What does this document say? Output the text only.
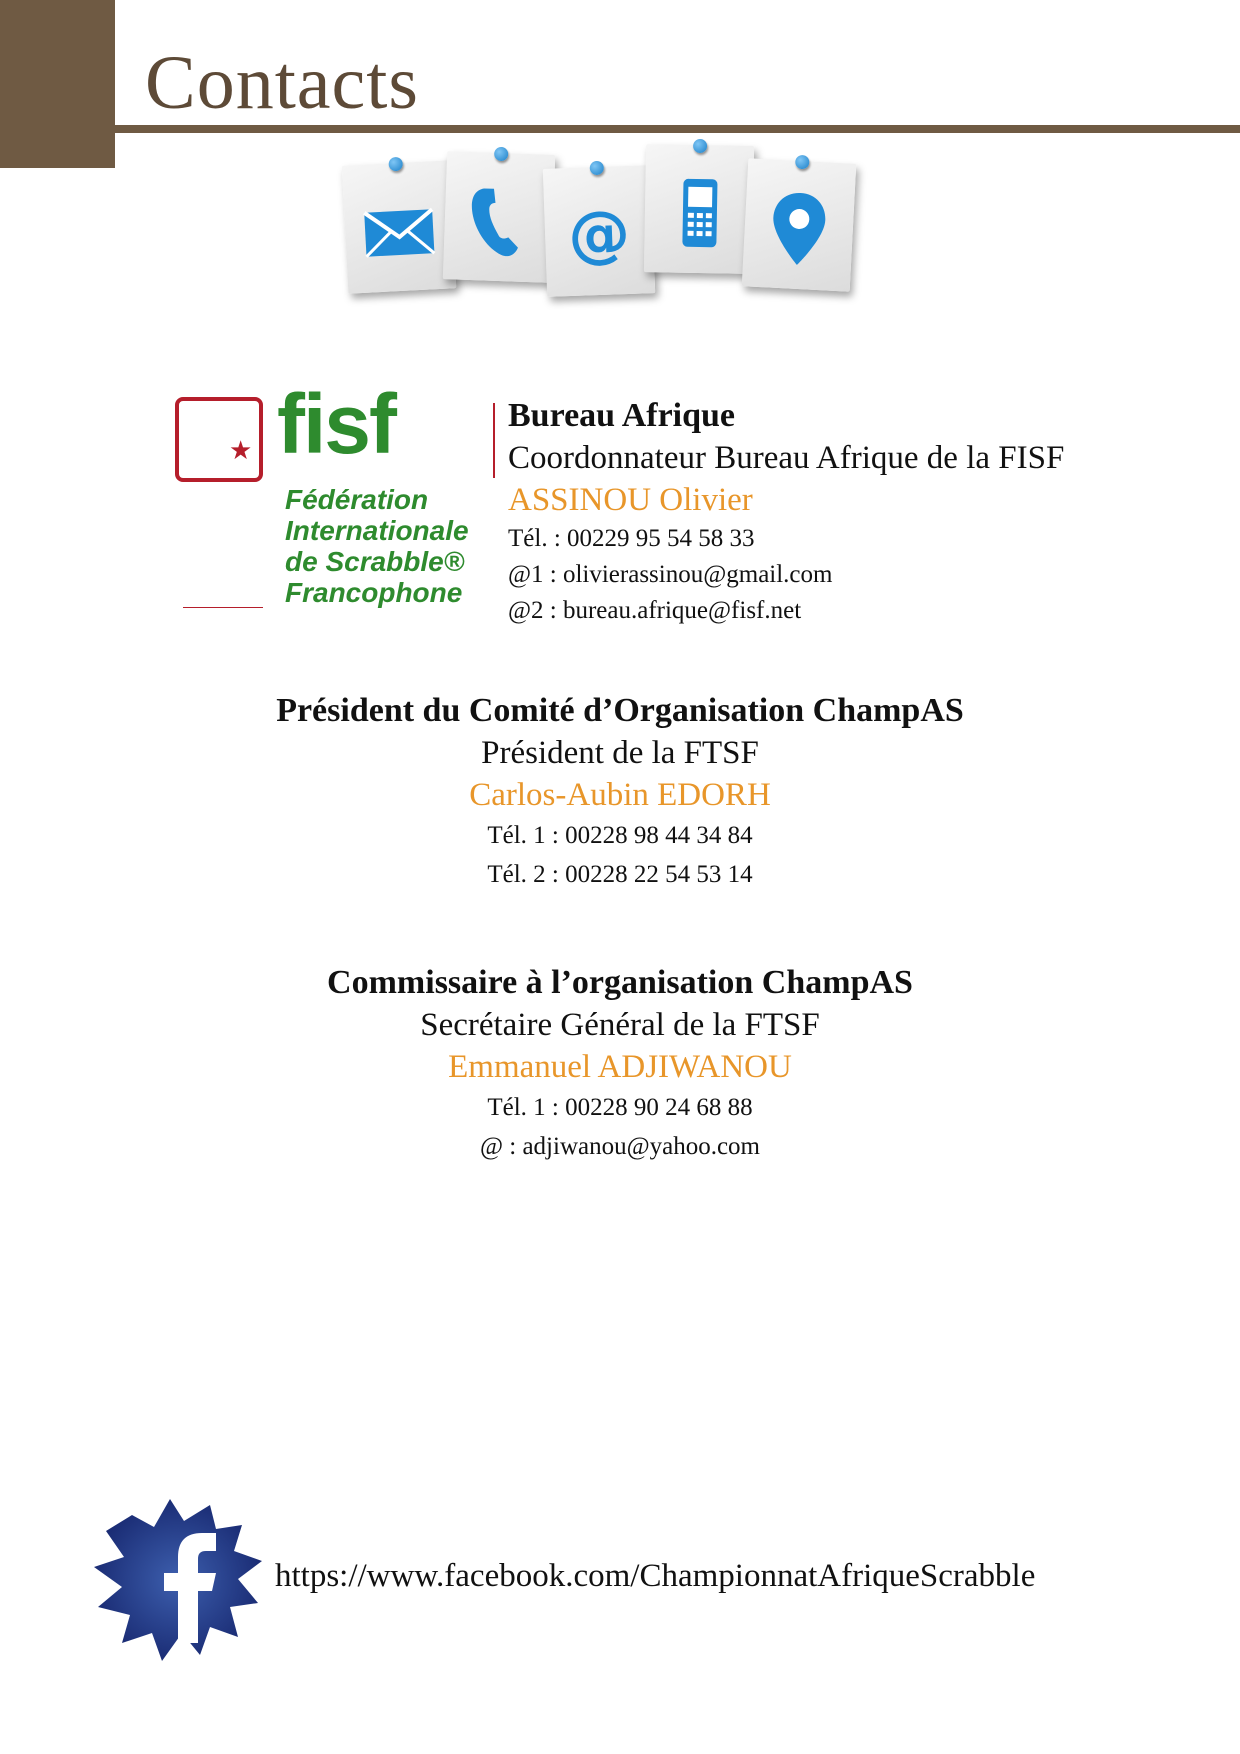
Contacts
@
★ fisf
Fédération
Internationale
de Scrabble®
Francophone
Bureau Afrique
Coordonnateur Bureau Afrique de la FISF
ASSINOU Olivier
Tél. : 00229 95 54 58 33
@1 : olivierassinou@gmail.com
@2 : bureau.afrique@fisf.net
Président du Comité d’Organisation ChampAS
Président de la FTSF
Carlos-Aubin EDORH
Tél. 1 : 00228 98 44 34 84
Tél. 2 : 00228 22 54 53 14
Commissaire à l’organisation ChampAS
Secrétaire Général de la FTSF
Emmanuel ADJIWANOU
Tél. 1 : 00228 90 24 68 88
@ : adjiwanou@yahoo.com
https://www.facebook.com/ChampionnatAfriqueScrabble
